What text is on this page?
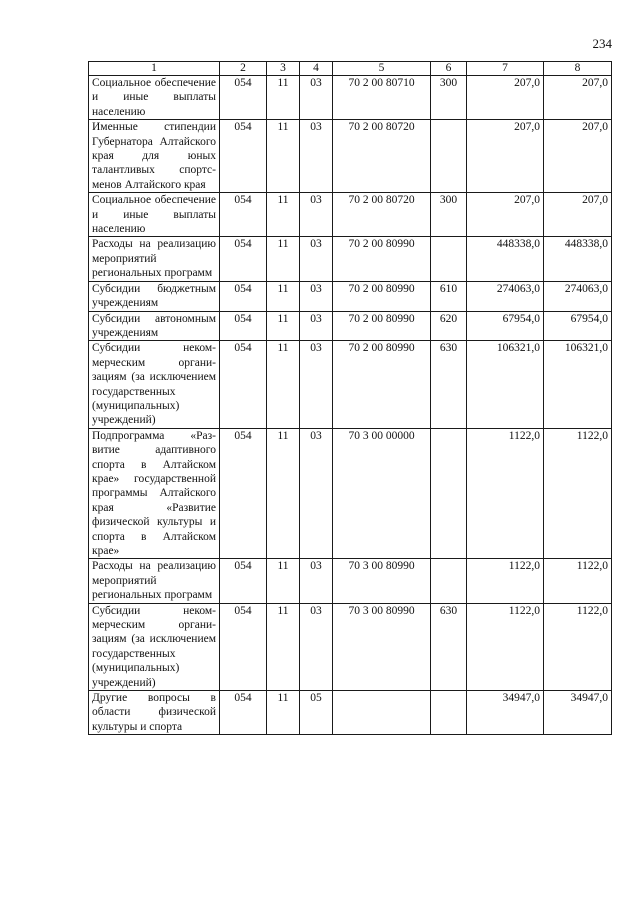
234
1	2	3	4	5	6	7	8
Социальное обеспечение и иные выплаты населению	054	11	03	70 2 00 80710	300	207,0	207,0
Именные стипендии Губернатора Алтайского края для юных талантливых спортсменов Алтайского края	054	11	03	70 2 00 80720		207,0	207,0
Социальное обеспечение и иные выплаты населению	054	11	03	70 2 00 80720	300	207,0	207,0
Расходы на реализацию мероприятий региональных программ	054	11	03	70 2 00 80990		448338,0	448338,0
Субсидии бюджетным учреждениям	054	11	03	70 2 00 80990	610	274063,0	274063,0
Субсидии автономным учреждениям	054	11	03	70 2 00 80990	620	67954,0	67954,0
Субсидии некоммерческим организациям (за исключением государственных (муниципальных) учреждений)	054	11	03	70 2 00 80990	630	106321,0	106321,0
Подпрограмма «Развитие адаптивного спорта в Алтайском крае» государственной программы Алтайского края «Развитие физической культуры и спорта в Алтайском крае»	054	11	03	70 3 00 00000		1122,0	1122,0
Расходы на реализацию мероприятий региональных программ	054	11	03	70 3 00 80990		1122,0	1122,0
Субсидии некоммерческим организациям (за исключением государственных (муниципальных) учреждений)	054	11	03	70 3 00 80990	630	1122,0	1122,0
Другие вопросы в области физической культуры и спорта	054	11	05			34947,0	34947,0
